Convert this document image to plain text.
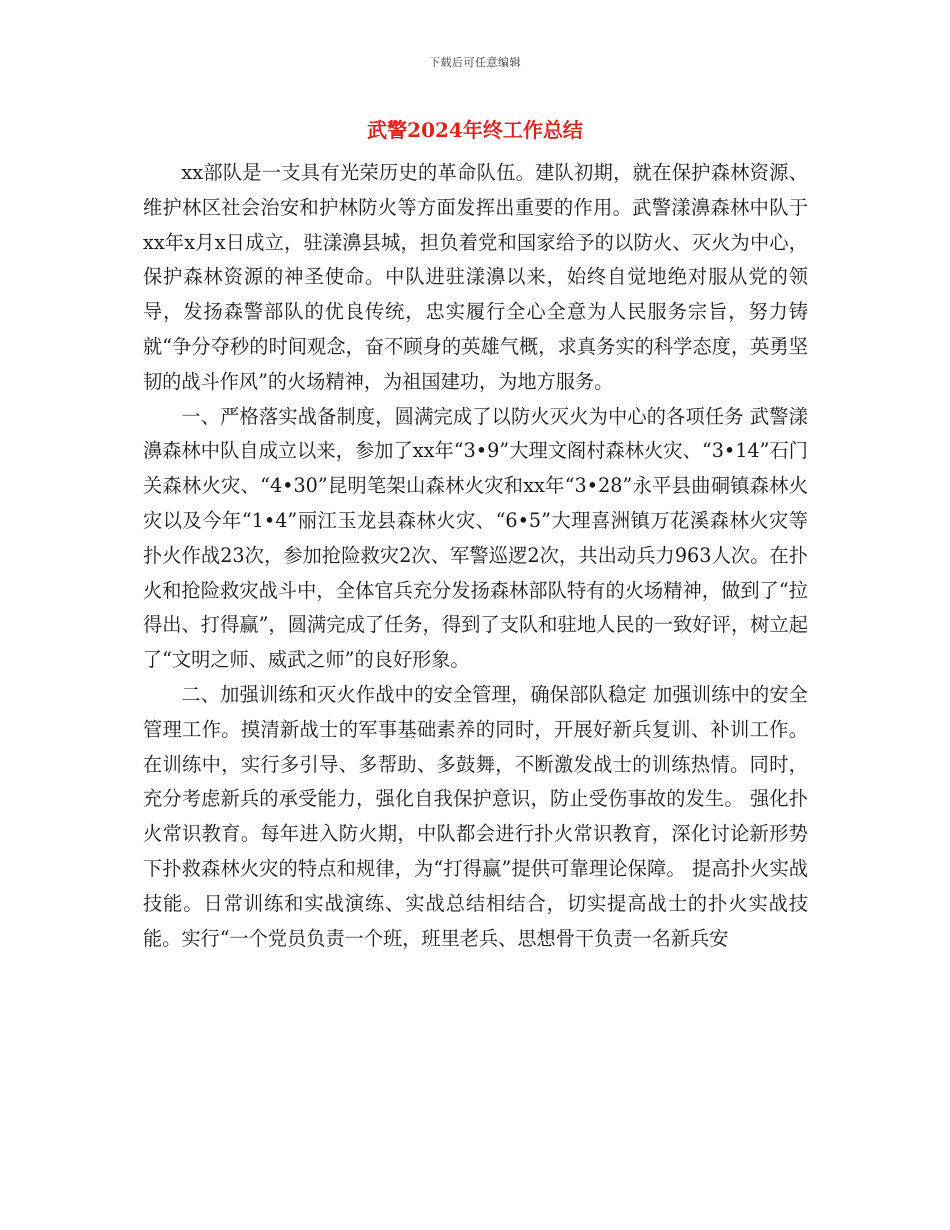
下载后可任意编辑
武警2024年终工作总结

xx部队是一支具有光荣历史的革命队伍。建队初期，就在保护森林资源、维护林区社会治安和护林防火等方面发挥出重要的作用。武警漾濞森林中队于xx年x月x日成立，驻漾濞县城，担负着党和国家给予的以防火、灭火为中心，保护森林资源的神圣使命。中队进驻漾濞以来，始终自觉地绝对服从党的领导，发扬森警部队的优良传统，忠实履行全心全意为人民服务宗旨，努力铸就“争分夺秒的时间观念，奋不顾身的英雄气概，求真务实的科学态度，英勇坚韧的战斗作风”的火场精神，为祖国建功，为地方服务。

一、严格落实战备制度，圆满完成了以防火灭火为中心的各项任务 武警漾濞森林中队自成立以来，参加了xx年“3•9”大理文阁村森林火灾、“3•14”石门关森林火灾、“4•30”昆明笔架山森林火灾和xx年“3•28”永平县曲硐镇森林火灾以及今年“1•4”丽江玉龙县森林火灾、“6•5”大理喜洲镇万花溪森林火灾等扑火作战23次，参加抢险救灾2次、军警巡逻2次，共出动兵力963人次。在扑火和抢险救灾战斗中，全体官兵充分发扬森林部队特有的火场精神，做到了“拉得出、打得赢”，圆满完成了任务，得到了支队和驻地人民的一致好评，树立起了“文明之师、威武之师”的良好形象。

二、加强训练和灭火作战中的安全管理，确保部队稳定 加强训练中的安全管理工作。摸清新战士的军事基础素养的同时，开展好新兵复训、补训工作。在训练中，实行多引导、多帮助、多鼓舞，不断激发战士的训练热情。同时，充分考虑新兵的承受能力，强化自我保护意识，防止受伤事故的发生。 强化扑火常识教育。每年进入防火期，中队都会进行扑火常识教育，深化讨论新形势下扑救森林火灾的特点和规律，为“打得赢”提供可靠理论保障。 提高扑火实战技能。日常训练和实战演练、实战总结相结合，切实提高战士的扑火实战技能。实行“一个党员负责一个班，班里老兵、思想骨干负责一名新兵安
